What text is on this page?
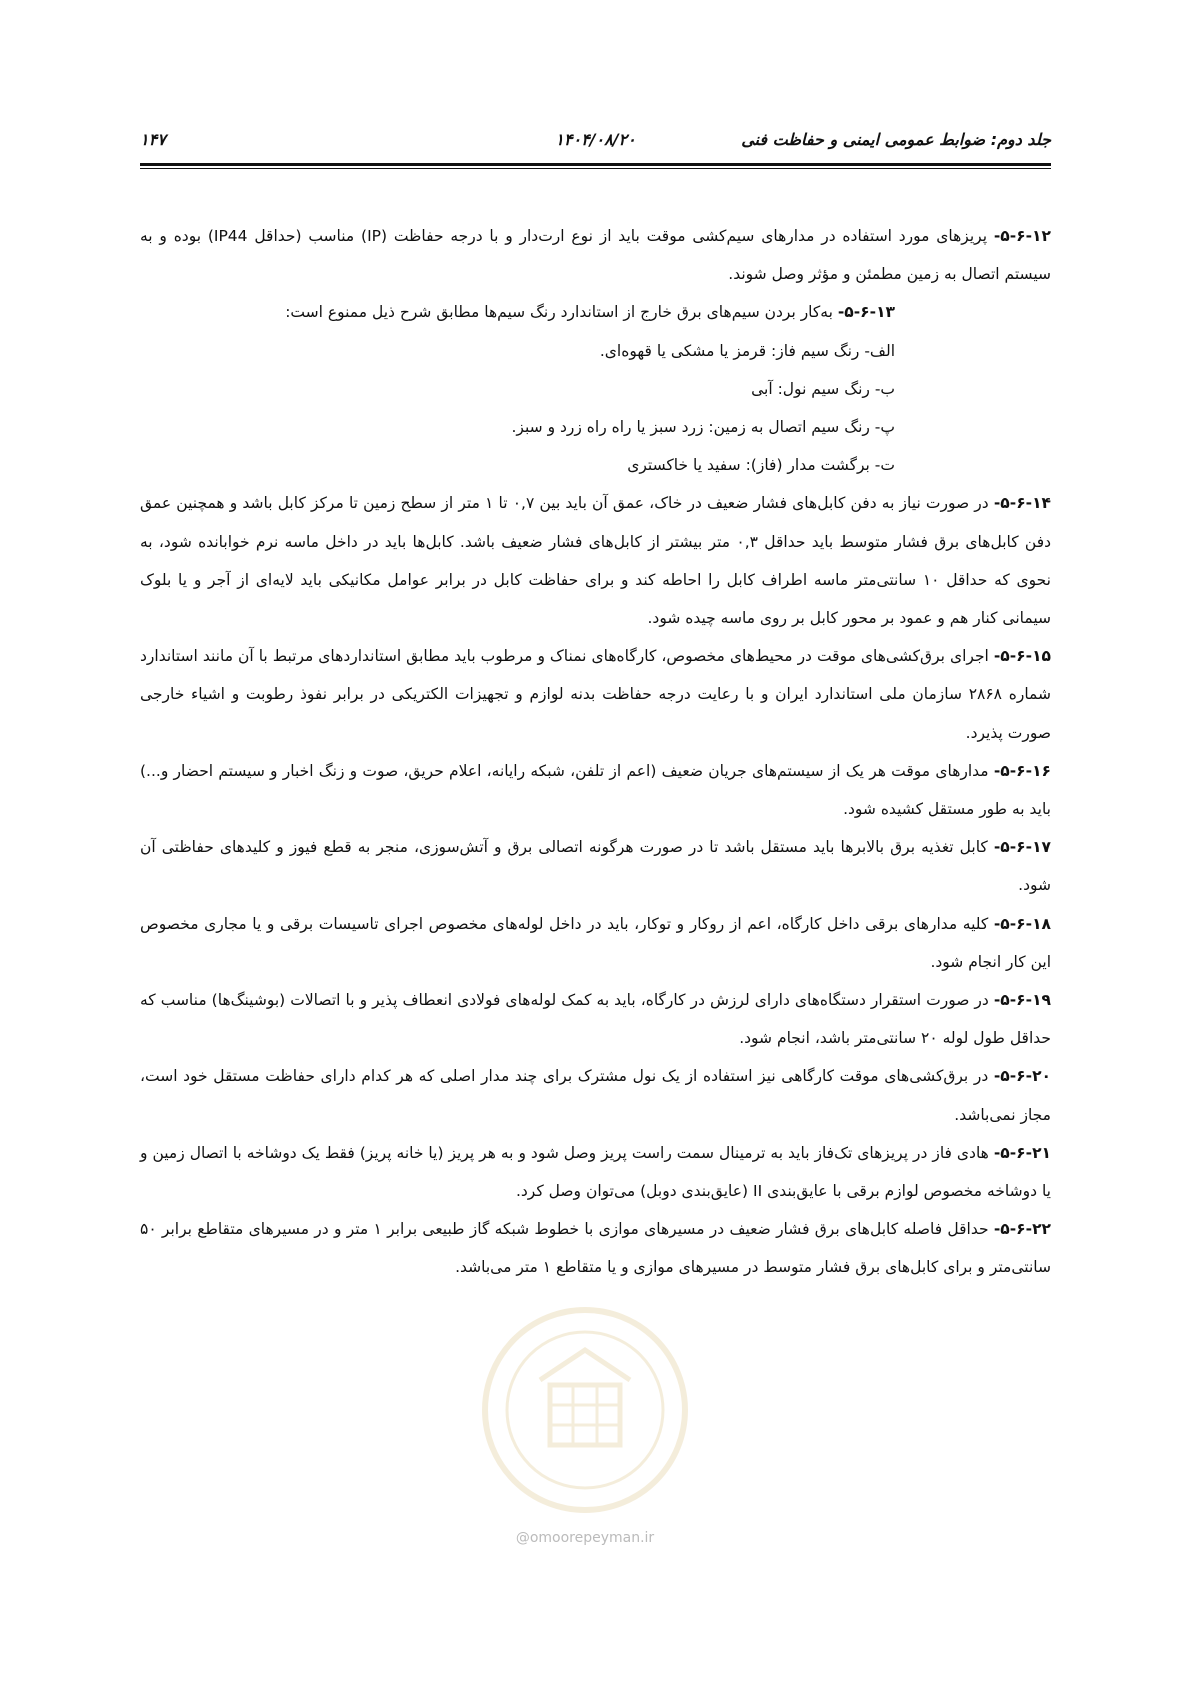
جلد دوم: ضوابط عمومی ایمنی و حفاظت فنی
۱۴۰۴/۰۸/۲۰
۱۴۷

۵-۶-۱۲- پریزهای مورد استفاده در مدارهای سیم‌کشی موقت باید از نوع ارت‌دار و با درجه حفاظت (IP) مناسب (حداقل IP44) بوده و به سیستم اتصال به زمین مطمئن و مؤثر وصل شوند.

۵-۶-۱۳- به‌کار بردن سیم‌های برق خارج از استاندارد رنگ سیم‌ها مطابق شرح ذیل ممنوع است:

الف- رنگ سیم فاز: قرمز یا مشکی یا قهوه‌ای.

ب- رنگ سیم نول: آبی

پ- رنگ سیم اتصال به زمین: زرد سبز یا راه راه زرد و سبز.

ت- برگشت مدار (فاز): سفید یا خاکستری

۵-۶-۱۴- در صورت نیاز به دفن کابل‌های فشار ضعیف در خاک، عمق آن باید بین ۰,۷ تا ۱ متر از سطح زمین تا مرکز کابل باشد و همچنین عمق دفن کابل‌های برق فشار متوسط باید حداقل ۰,۳ متر بیشتر از کابل‌های فشار ضعیف باشد. کابل‌ها باید در داخل ماسه نرم خوابانده شود، به نحوی که حداقل ۱۰ سانتی‌متر ماسه اطراف کابل را احاطه کند و برای حفاظت کابل در برابر عوامل مکانیکی باید لایه‌ای از آجر و یا بلوک سیمانی کنار هم و عمود بر محور کابل بر روی ماسه چیده شود.

۵-۶-۱۵- اجرای برق‌کشی‌های موقت در محیط‌های مخصوص، کارگاه‌های نمناک و مرطوب باید مطابق استانداردهای مرتبط با آن مانند استاندارد شماره ۲۸۶۸ سازمان ملی استاندارد ایران و با رعایت درجه حفاظت بدنه لوازم و تجهیزات الکتریکی در برابر نفوذ رطوبت و اشیاء خارجی صورت پذیرد.

۵-۶-۱۶- مدارهای موقت هر یک از سیستم‌های جریان ضعیف (اعم از تلفن، شبکه رایانه، اعلام حریق، صوت و زنگ اخبار و سیستم احضار و...) باید به طور مستقل کشیده شود.

۵-۶-۱۷- کابل تغذیه برق بالابرها باید مستقل باشد تا در صورت هرگونه اتصالی برق و آتش‌سوزی، منجر به قطع فیوز و کلیدهای حفاظتی آن شود.

۵-۶-۱۸- کلیه مدارهای برقی داخل کارگاه، اعم از روکار و توکار، باید در داخل لوله‌های مخصوص اجرای تاسیسات برقی و یا مجاری مخصوص این کار انجام شود.

۵-۶-۱۹- در صورت استقرار دستگاه‌های دارای لرزش در کارگاه، باید به کمک لوله‌های فولادی انعطاف پذیر و با اتصالات (بوشینگ‌ها) مناسب که حداقل طول لوله ۲۰ سانتی‌متر باشد، انجام شود.

۵-۶-۲۰- در برق‌کشی‌های موقت کارگاهی نیز استفاده از یک نول مشترک برای چند مدار اصلی که هر کدام دارای حفاظت مستقل خود است، مجاز نمی‌باشد.

۵-۶-۲۱- هادی فاز در پریزهای تک‌فاز باید به ترمینال سمت راست پریز وصل شود و به هر پریز (یا خانه پریز) فقط یک دوشاخه با اتصال زمین و یا دوشاخه مخصوص لوازم برقی با عایق‌بندی II (عایق‌بندی دوبل) می‌توان وصل کرد.

۵-۶-۲۲- حداقل فاصله کابل‌های برق فشار ضعیف در مسیرهای موازی با خطوط شبکه گاز طبیعی برابر ۱ متر و در مسیرهای متقاطع برابر ۵۰ سانتی‌متر و برای کابل‌های برق فشار متوسط در مسیرهای موازی و یا متقاطع ۱ متر می‌باشد.

@omoorepeyman.ir
